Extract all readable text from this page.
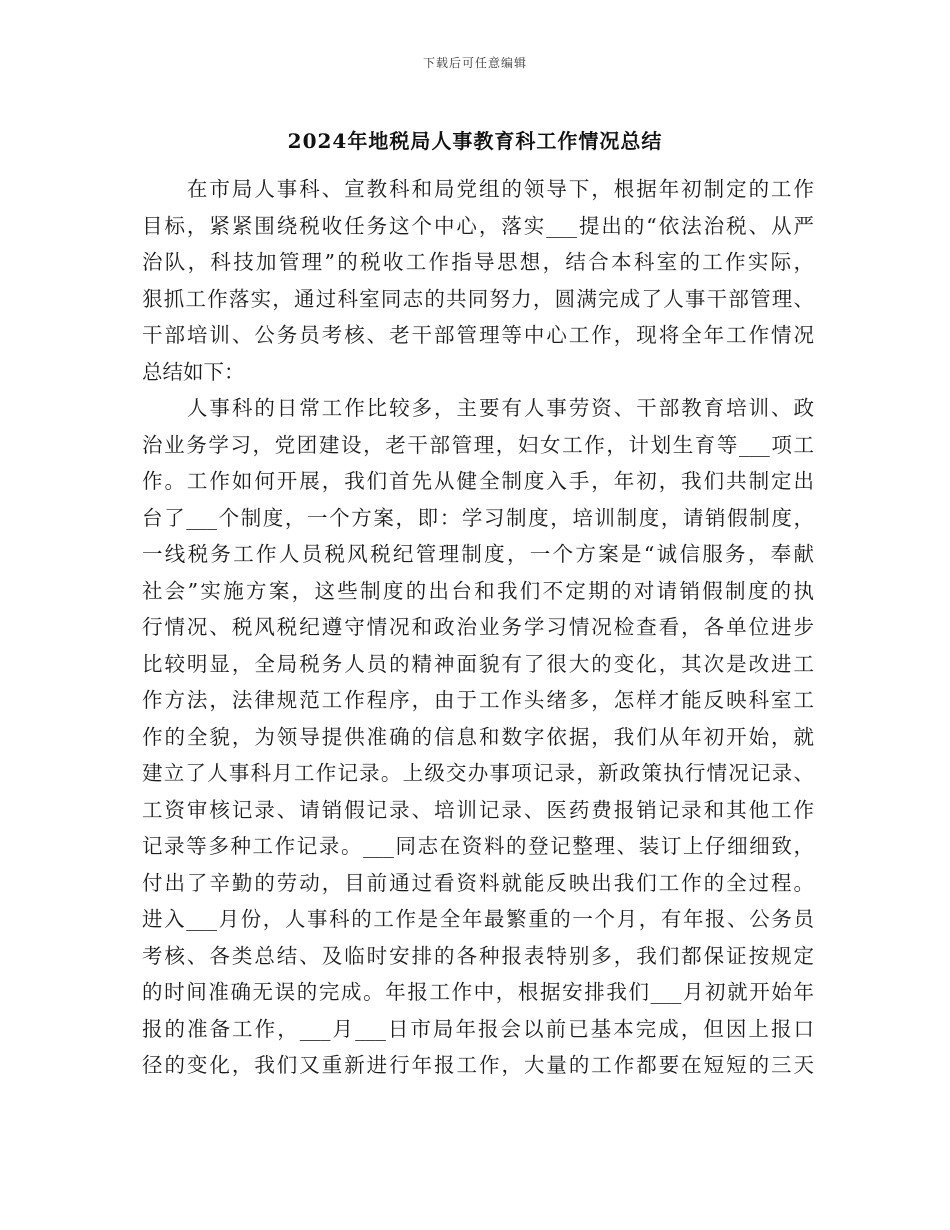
下载后可任意编辑
2024年地税局人事教育科工作情况总结
　　在市局人事科、宣教科和局党组的领导下，根据年初制定的工作
目标，紧紧围绕税收任务这个中心，落实___提出的“依法治税、从严
治队，科技加管理”的税收工作指导思想，结合本科室的工作实际，
狠抓工作落实，通过科室同志的共同努力，圆满完成了人事干部管理、
干部培训、公务员考核、老干部管理等中心工作，现将全年工作情况
总结如下：
　　人事科的日常工作比较多，主要有人事劳资、干部教育培训、政
治业务学习，党团建设，老干部管理，妇女工作，计划生育等___项工
作。工作如何开展，我们首先从健全制度入手，年初，我们共制定出
台了___个制度，一个方案，即：学习制度，培训制度，请销假制度，
一线税务工作人员税风税纪管理制度，一个方案是“诚信服务，奉献
社会”实施方案，这些制度的出台和我们不定期的对请销假制度的执
行情况、税风税纪遵守情况和政治业务学习情况检查看，各单位进步
比较明显，全局税务人员的精神面貌有了很大的变化，其次是改进工
作方法，法律规范工作程序，由于工作头绪多，怎样才能反映科室工
作的全貌，为领导提供准确的信息和数字依据，我们从年初开始，就
建立了人事科月工作记录。上级交办事项记录，新政策执行情况记录、
工资审核记录、请销假记录、培训记录、医药费报销记录和其他工作
记录等多种工作记录。___同志在资料的登记整理、装订上仔细细致，
付出了辛勤的劳动，目前通过看资料就能反映出我们工作的全过程。
进入___月份，人事科的工作是全年最繁重的一个月，有年报、公务员
考核、各类总结、及临时安排的各种报表特别多，我们都保证按规定
的时间准确无误的完成。年报工作中，根据安排我们___月初就开始年
报的准备工作，___月___日市局年报会以前已基本完成，但因上报口
径的变化，我们又重新进行年报工作，大量的工作都要在短短的三天
